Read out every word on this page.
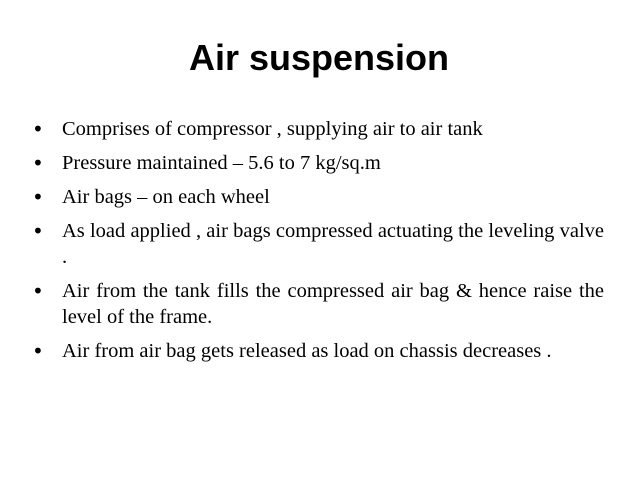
Air suspension
• Comprises of compressor , supplying air to air tank
• Pressure maintained – 5.6 to 7 kg/sq.m
• Air bags – on each wheel
• As load applied , air bags compressed actuating the leveling valve .
• Air from the tank fills the compressed air bag & hence raise the level of the frame.
• Air from air bag gets released as load on chassis decreases .
